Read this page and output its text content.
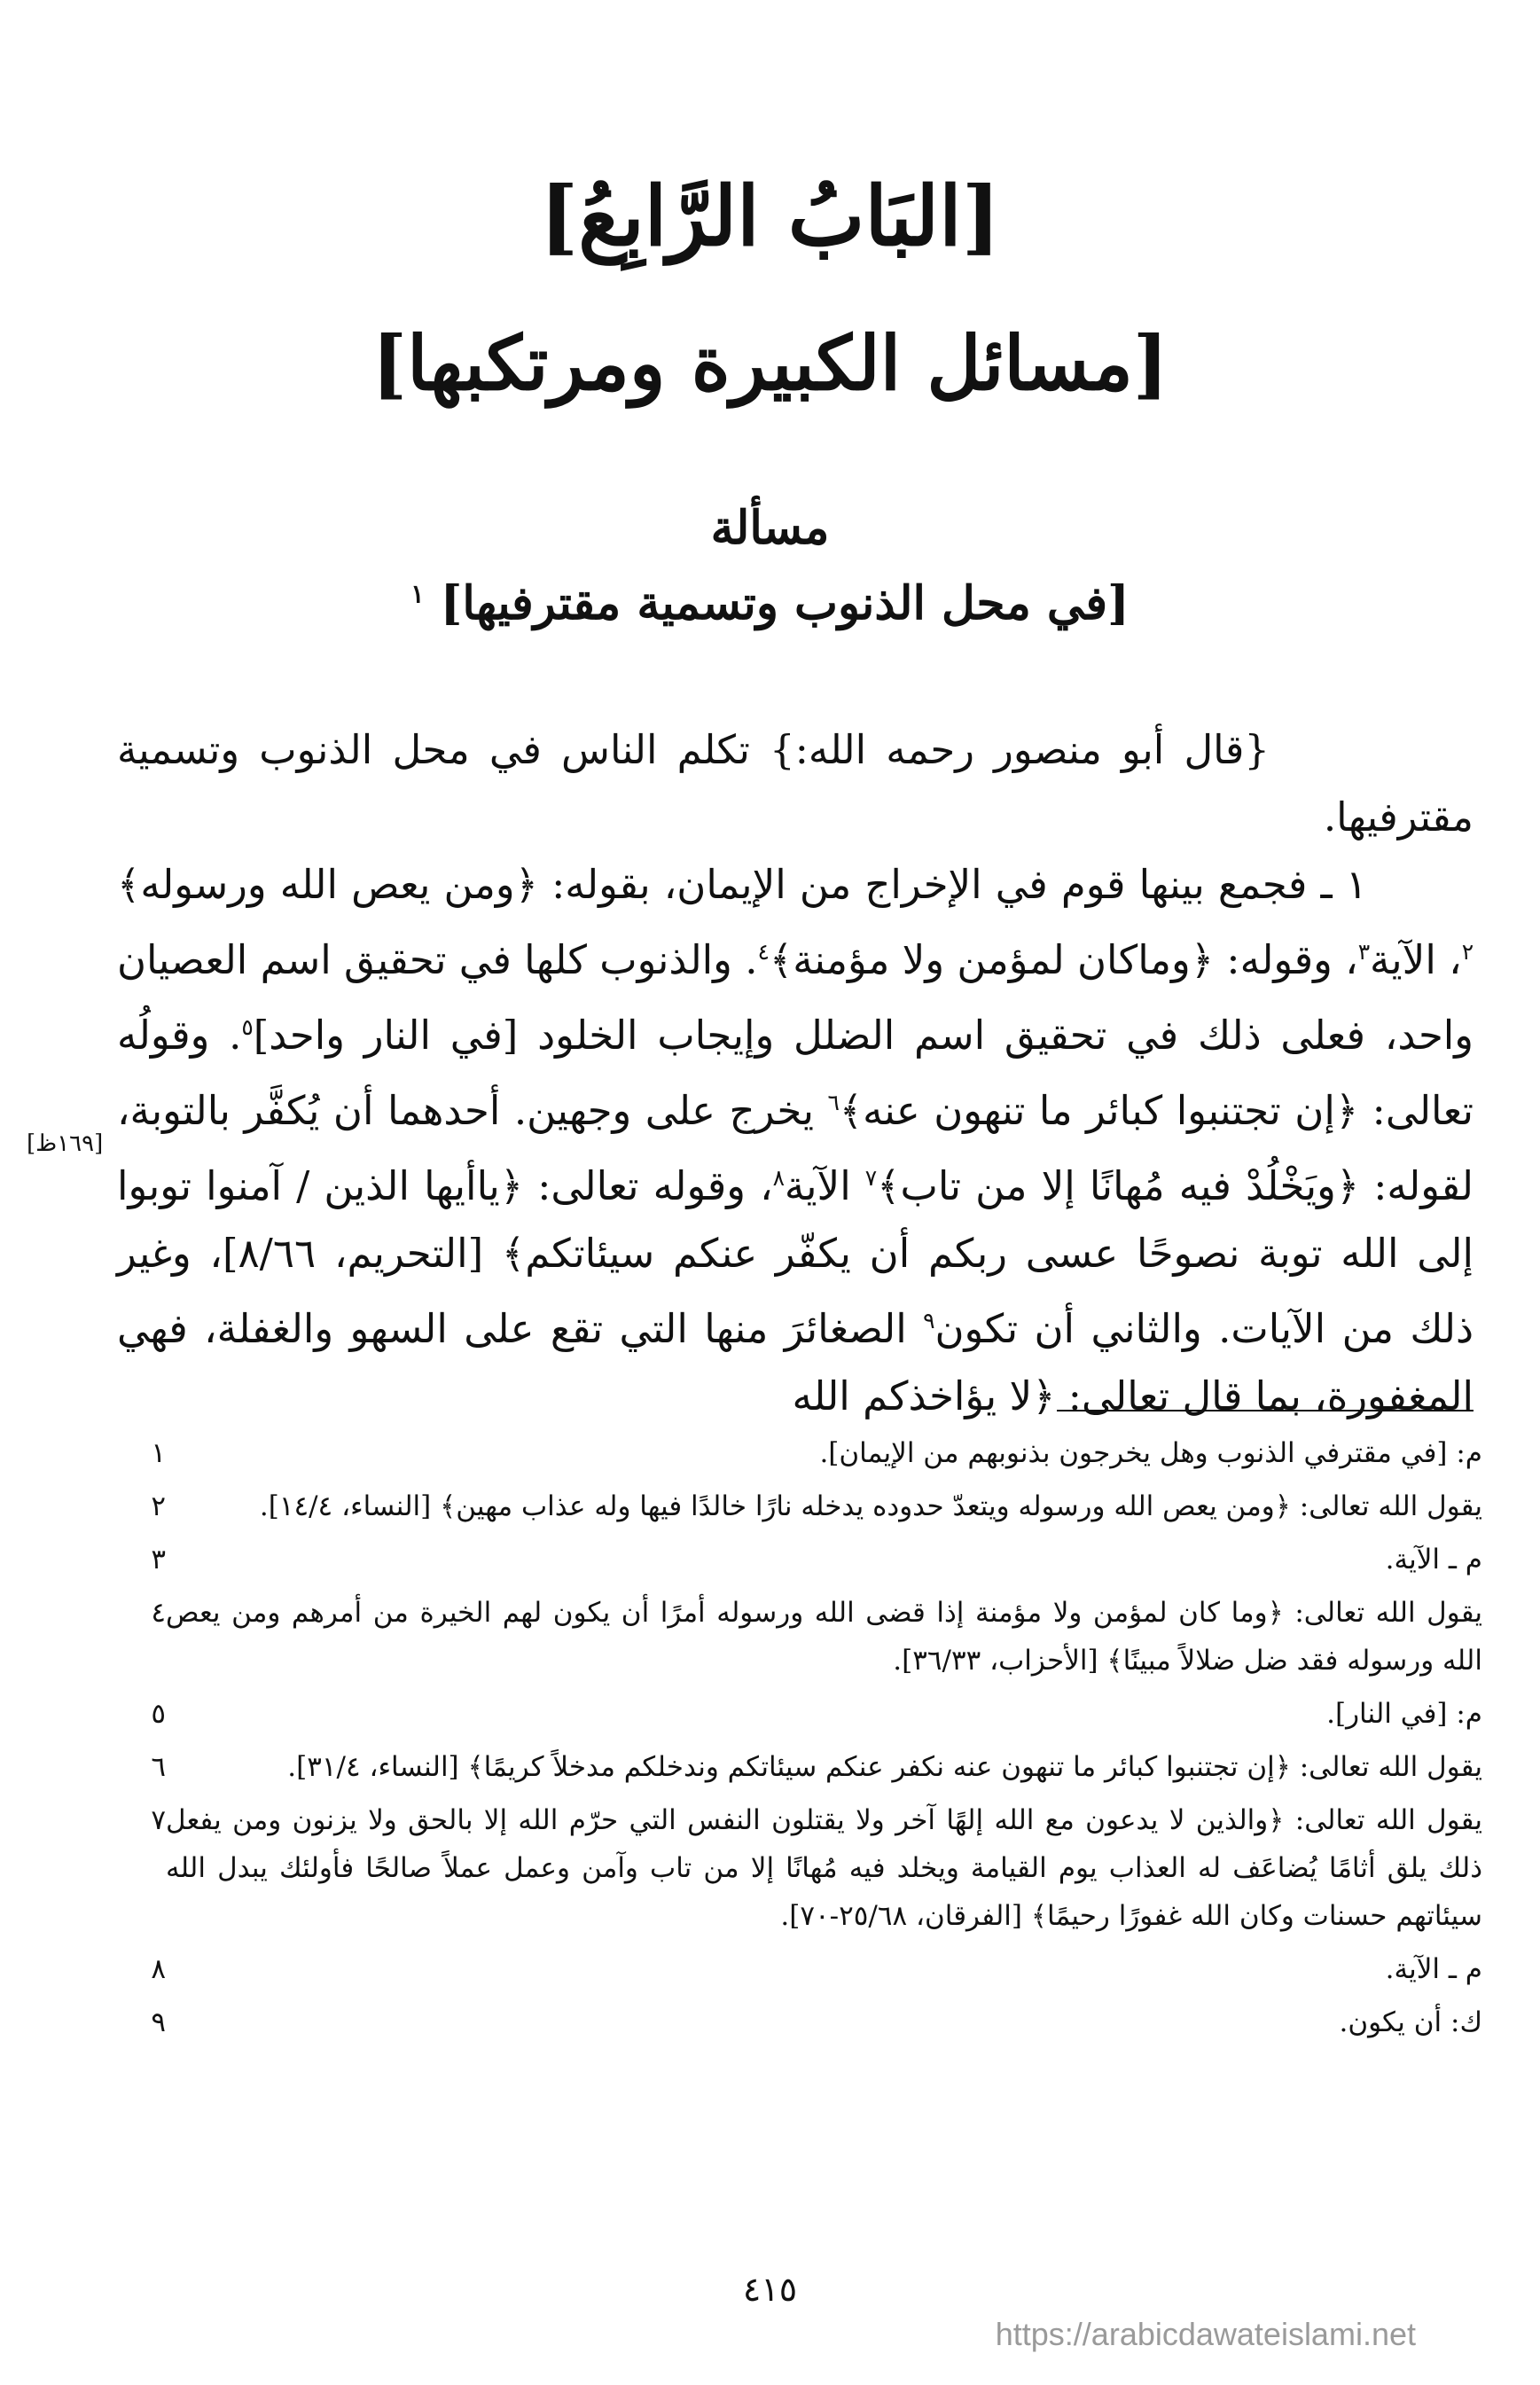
[البَابُ الرَّابِعُ]
[مسائل الكبيرة ومرتكبها]
مسألة
[في محل الذنوب وتسمية مقترفيها] $^١$

{قال أبو منصور رحمه الله:} تكلم الناس في محل الذنوب وتسمية مقترفيها.

١ ـ فجمع بينها قوم في الإخراج من الإيمان، بقوله: ﴿ومن يعص الله ورسوله﴾$^٢$، الآية$^٣$، وقوله: ﴿وماكان لمؤمن ولا مؤمنة﴾$^٤$. والذنوب كلها في تحقيق اسم العصيان واحد، فعلى ذلك في تحقيق اسم الضلل وإيجاب الخلود [في النار واحد]$^٥$. وقولُه تعالى: ﴿إن تجتنبوا كبائر ما تنهون عنه﴾$^٦$ يخرج على وجهين. أحدهما أن يُكفَّر بالتوبة، لقوله: ﴿ويَخْلُدْ فيه مُهانًا إلا من تاب﴾$^٧$ الآية$^٨$، وقوله تعالى: ﴿ياأيها الذين / آمنوا توبوا إلى الله توبة نصوحًا عسى ربكم أن يكفّر عنكم سيئاتكم﴾ [التحريم، ٨/٦٦]، وغير ذلك من الآيات. والثاني أن تكون$^٩$ الصغائرَ منها التي تقع على السهو والغفلة، فهي المغفورة، بما قال تعالى: ﴿لا يؤاخذكم الله

[١٦٩ظ]
١	م: [في مقترفي الذنوب وهل يخرجون بذنوبهم من الإيمان].
٢	يقول الله تعالى: ﴿ومن يعص الله ورسوله ويتعدّ حدوده يدخله نارًا خالدًا فيها وله عذاب مهين﴾ [النساء، ١٤/٤].
٣	م ـ الآية.
٤ يقول الله تعالى: ﴿وما كان لمؤمن ولا مؤمنة إذا قضى الله ورسوله أمرًا أن يكون لهم الخيرة من أمرهم ومن يعص الله ورسوله فقد ضل ضلالاً مبينًا﴾ [الأحزاب، ٣٦/٣٣].
٥	م: [في النار].
٦	يقول الله تعالى: ﴿إن تجتنبوا كبائر ما تنهون عنه نكفر عنكم سيئاتكم وندخلكم مدخلاً كريمًا﴾ [النساء، ٣١/٤].
٧ يقول الله تعالى: ﴿والذين لا يدعون مع الله إلهًا آخر ولا يقتلون النفس التي حرّم الله إلا بالحق ولا يزنون ومن يفعل ذلك يلق أثامًا يُضاعَف له العذاب يوم القيامة ويخلد فيه مُهانًا إلا من تاب وآمن وعمل عملاً صالحًا فأولئك يبدل الله سيئاتهم حسنات وكان الله غفورًا رحيمًا﴾ [الفرقان، ٢٥/٦٨-٧٠].
٨	م ـ الآية.
٩	ك: أن يكون.
٤١٥
https://arabicdawateislami.net
